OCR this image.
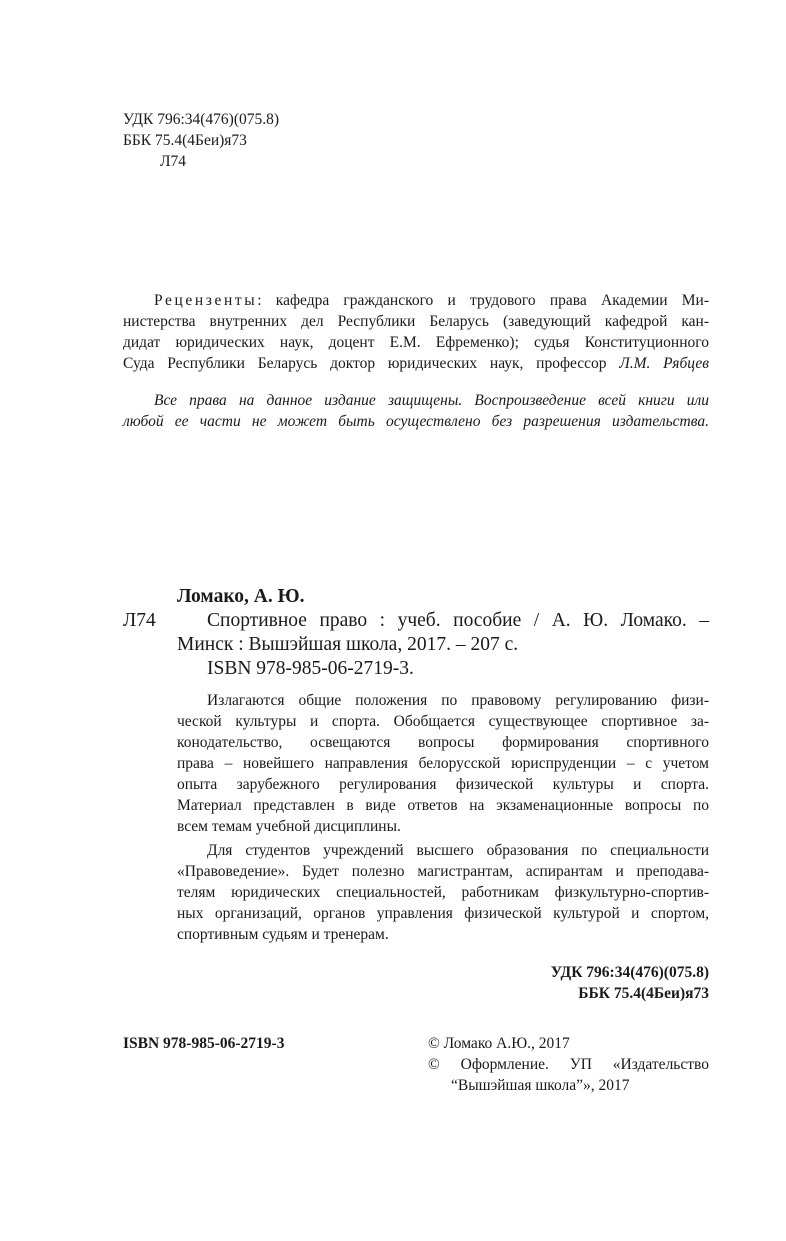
УДК 796:34(476)(075.8)
ББК 75.4(4Беи)я73
Л74
Рецензенты: кафедра гражданского и трудового права Академии Ми-
нистерства внутренних дел Республики Беларусь (заведующий кафедрой кан-
дидат юридических наук, доцент Е.М. Ефременко); судья Конституционного
Суда Республики Беларусь доктор юридических наук, профессор Л.М. Рябцев
Все права на данное издание защищены. Воспроизведение всей книги или
любой ее части не может быть осуществлено без разрешения издательства.
Ломако, А. Ю.
Л74	Спортивное право : учеб. пособие / А. Ю. Ломако. –
Минск : Вышэйшая школа, 2017. – 207 с.
ISBN 978-985-06-2719-3.
Излагаются общие положения по правовому регулированию физи-
ческой культуры и спорта. Обобщается существующее спортивное за-
конодательство, освещаются вопросы формирования спортивного
права – новейшего направления белорусской юриспруденции – с учетом
опыта зарубежного регулирования физической культуры и спорта.
Материал представлен в виде ответов на экзаменационные вопросы по
всем темам учебной дисциплины.
Для студентов учреждений высшего образования по специальности
«Правоведение». Будет полезно магистрантам, аспирантам и преподава-
телям юридических специальностей, работникам физкультурно-спортив-
ных организаций, органов управления физической культурой и спортом,
спортивным судьям и тренерам.
УДК 796:34(476)(075.8)
ББК 75.4(4Беи)я73
ISBN 978-985-06-2719-3	© Ломако А.Ю., 2017
© Оформление. УП «Издательство
“Вышэйшая школа”», 2017
